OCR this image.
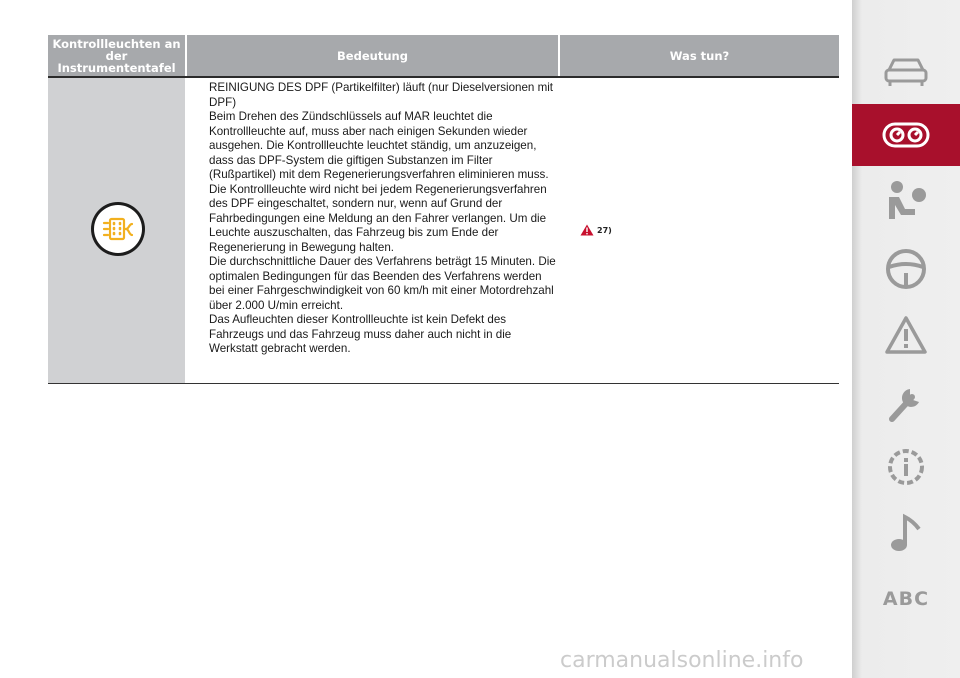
Kontrollleuchten an der Instrumententafel
Bedeutung	Was tun?

REINIGUNG DES DPF (Partikelfilter) läuft (nur Dieselversionen mit DPF)

Beim Drehen des Zündschlüssels auf MAR leuchtet die Kontrollleuchte auf, muss aber nach einigen Sekunden wieder ausgehen. Die Kontrollleuchte leuchtet ständig, um anzuzeigen, dass das DPF-System die giftigen Substanzen im Filter (Rußpartikel) mit dem Regenerierungsverfahren eliminieren muss.

Die Kontrollleuchte wird nicht bei jedem Regenerierungsverfahren des DPF eingeschaltet, sondern nur, wenn auf Grund der Fahrbedingungen eine Meldung an den Fahrer verlangen. Um die Leuchte auszuschalten, das Fahrzeug bis zum Ende der Regenerierung in Bewegung halten.

Die durchschnittliche Dauer des Verfahrens beträgt 15 Minuten. Die optimalen Bedingungen für das Beenden des Verfahrens werden bei einer Fahrgeschwindigkeit von 60 km/h mit einer Motordrehzahl über 2.000 U/min erreicht.

Das Aufleuchten dieser Kontrollleuchte ist kein Defekt des Fahrzeugs und das Fahrzeug muss daher auch nicht in die Werkstatt gebracht werden.

27)
ABC
carmanualsonline.info 53
